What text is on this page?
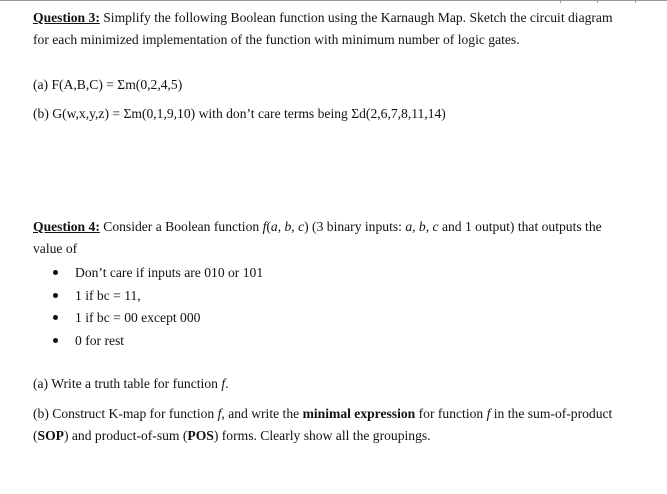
Question 3: Simplify the following Boolean function using the Karnaugh Map. Sketch the circuit diagram
for each minimized implementation of the function with minimum number of logic gates.
(a) F(A,B,C) = Σm(0,2,4,5)
(b) G(w,x,y,z) = Σm(0,1,9,10) with don’t care terms being Σd(2,6,7,8,11,14)
Question 4: Consider a Boolean function f(a, b, c) (3 binary inputs: a, b, c and 1 output) that outputs the
value of
Don’t care if inputs are 010 or 101
1 if bc = 11,
1 if bc = 00 except 000
0 for rest
(a) Write a truth table for function f.
(b) Construct K-map for function f, and write the minimal expression for function f in the sum-of-product
(SOP) and product-of-sum (POS) forms. Clearly show all the groupings.
